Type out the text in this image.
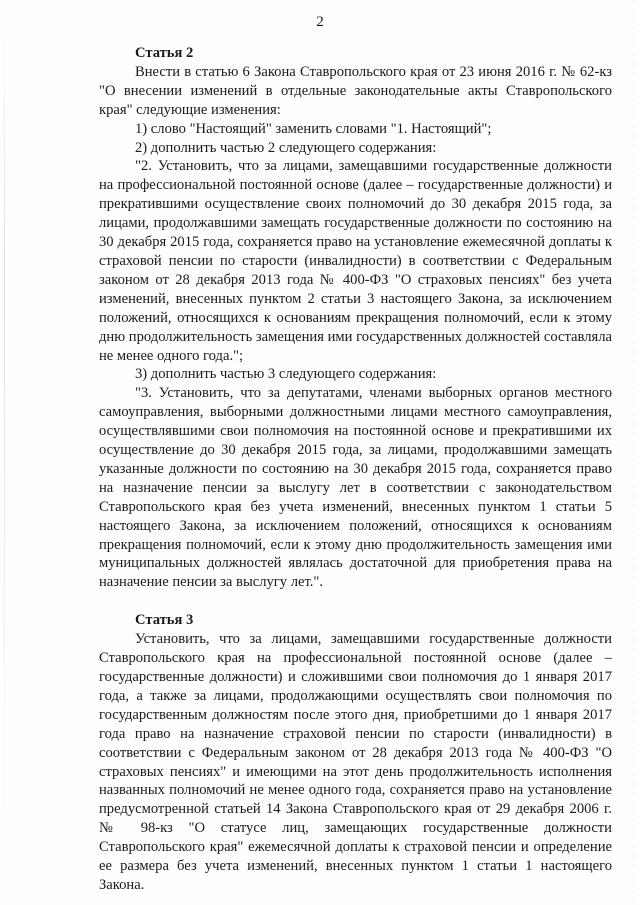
2

Статья 2

Внести в статью 6 Закона Ставропольского края от 23 июня 2016 г. № 62-кз "О внесении изменений в отдельные законодательные акты Ставропольского края" следующие изменения:

1) слово "Настоящий" заменить словами "1. Настоящий";

2) дополнить частью 2 следующего содержания:

"2. Установить, что за лицами, замещавшими государственные должности на профессиональной постоянной основе (далее – государственные должности) и прекратившими осуществление своих полномочий до 30 декабря 2015 года, за лицами, продолжавшими замещать государственные должности по состоянию на 30 декабря 2015 года, сохраняется право на установление ежемесячной доплаты к страховой пенсии по старости (инвалидности) в соответствии с Федеральным законом от 28 декабря 2013 года № 400-ФЗ "О страховых пенсиях" без учета изменений, внесенных пунктом 2 статьи 3 настоящего Закона, за исключением положений, относящихся к основаниям прекращения полномочий, если к этому дню продолжительность замещения ими государственных должностей составляла не менее одного года.";

3) дополнить частью 3 следующего содержания:

"3. Установить, что за депутатами, членами выборных органов местного самоуправления, выборными должностными лицами местного самоуправления, осуществлявшими свои полномочия на постоянной основе и прекратившими их осуществление до 30 декабря 2015 года, за лицами, продолжавшими замещать указанные должности по состоянию на 30 декабря 2015 года, сохраняется право на назначение пенсии за выслугу лет в соответствии с законодательством Ставропольского края без учета изменений, внесенных пунктом 1 статьи 5 настоящего Закона, за исключением положений, относящихся к основаниям прекращения полномочий, если к этому дню продолжительность замещения ими муниципальных должностей являлась достаточной для приобретения права на назначение пенсии за выслугу лет.".

Статья 3

Установить, что за лицами, замещавшими государственные должности Ставропольского края на профессиональной постоянной основе (далее – государственные должности) и сложившими свои полномочия до 1 января 2017 года, а также за лицами, продолжающими осуществлять свои полномочия по государственным должностям после этого дня, приобретшими до 1 января 2017 года право на назначение страховой пенсии по старости (инвалидности) в соответствии с Федеральным законом от 28 декабря 2013 года № 400-ФЗ "О страховых пенсиях" и имеющими на этот день продолжительность исполнения названных полномочий не менее одного года, сохраняется право на установление предусмотренной статьей 14 Закона Ставропольского края от 29 декабря 2006 г. № 98-кз "О статусе лиц, замещающих государственные должности Ставропольского края" ежемесячной доплаты к страховой пенсии и определение ее размера без учета изменений, внесенных пунктом 1 статьи 1 настоящего Закона.
